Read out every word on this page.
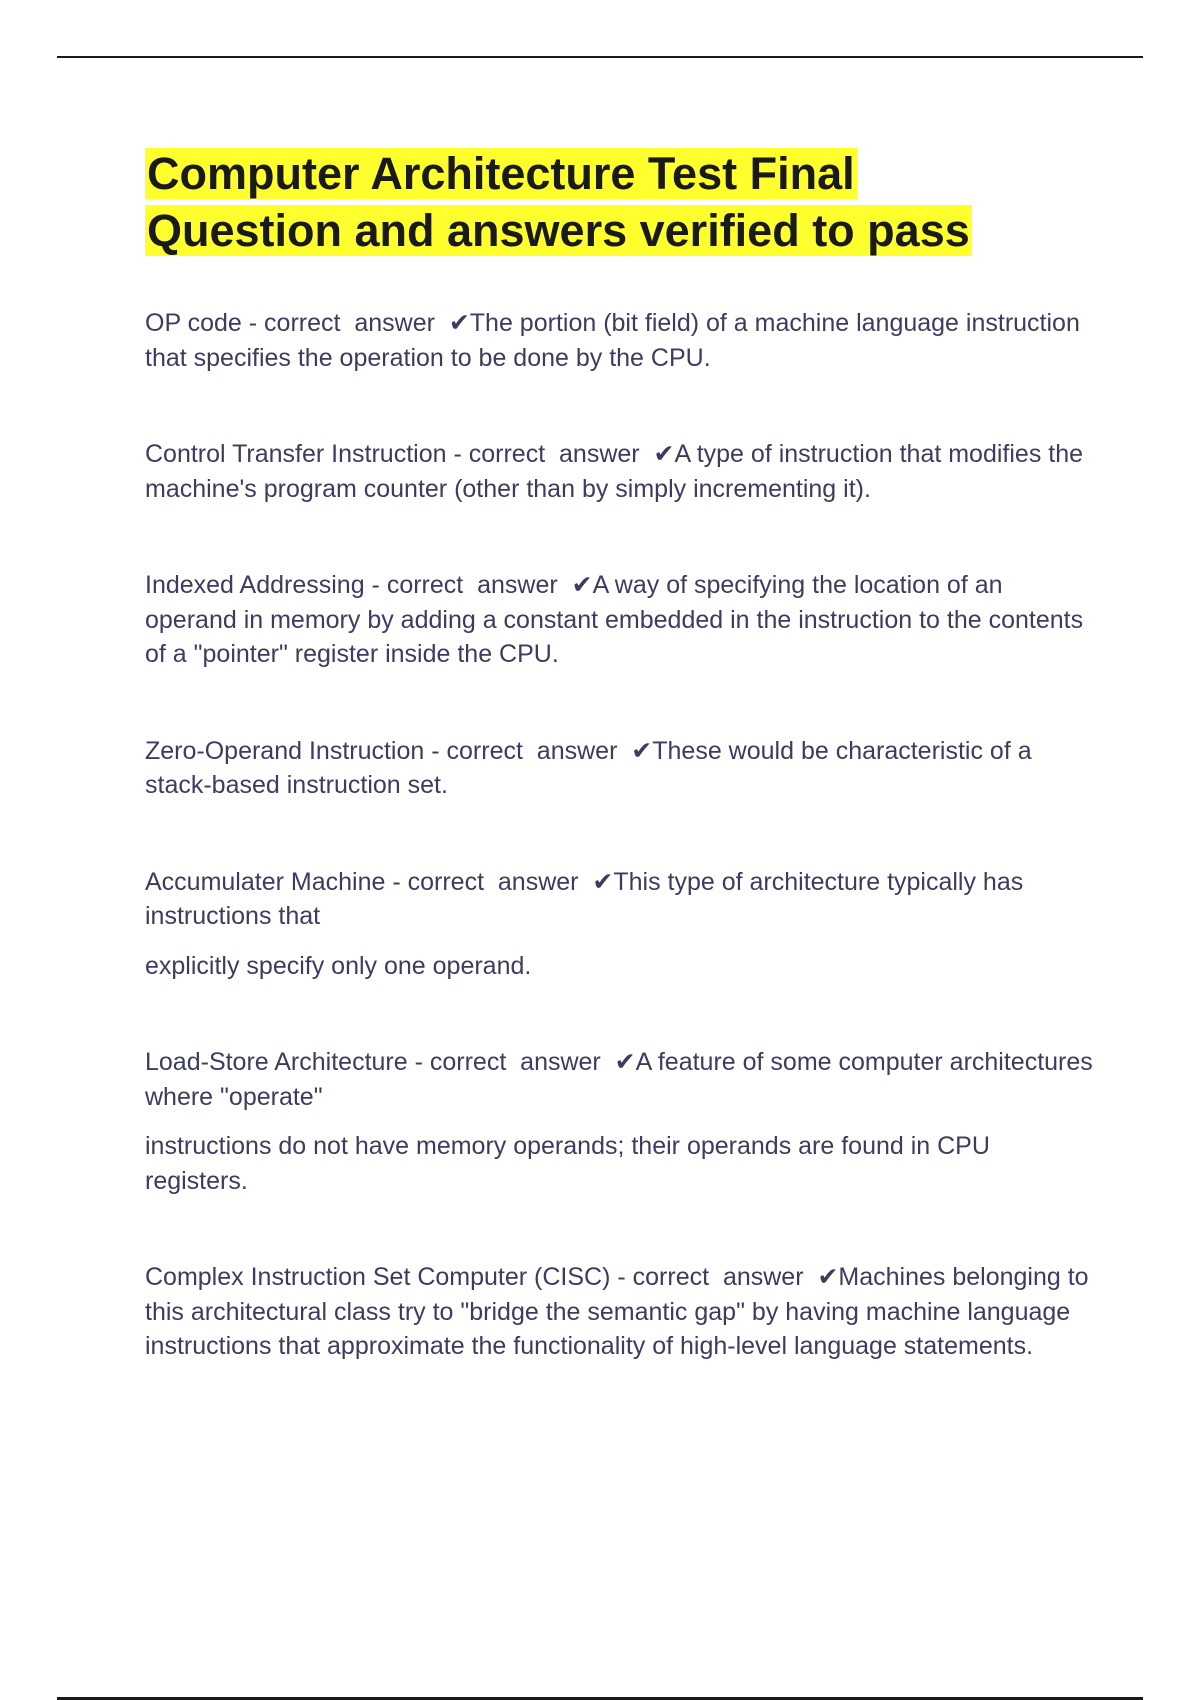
Computer Architecture Test Final
Question and answers verified to pass

OP code - correct  answer  ✔The portion (bit field) of a machine language instruction that specifies the operation to be done by the CPU.

Control Transfer Instruction - correct  answer  ✔A type of instruction that modifies the machine's program counter (other than by simply incrementing it).

Indexed Addressing - correct  answer  ✔A way of specifying the location of an operand in memory by adding a constant embedded in the instruction to the contents of a "pointer" register inside the CPU.

Zero-Operand Instruction - correct  answer  ✔These would be characteristic of a stack-based instruction set.

Accumulater Machine - correct  answer  ✔This type of architecture typically has instructions that

explicitly specify only one operand.

Load-Store Architecture - correct  answer  ✔A feature of some computer architectures where "operate"

instructions do not have memory operands; their operands are found in CPU registers.

Complex Instruction Set Computer (CISC) - correct  answer  ✔Machines belonging to this architectural class try to "bridge the semantic gap" by having machine language instructions that approximate the functionality of high-level language statements.
